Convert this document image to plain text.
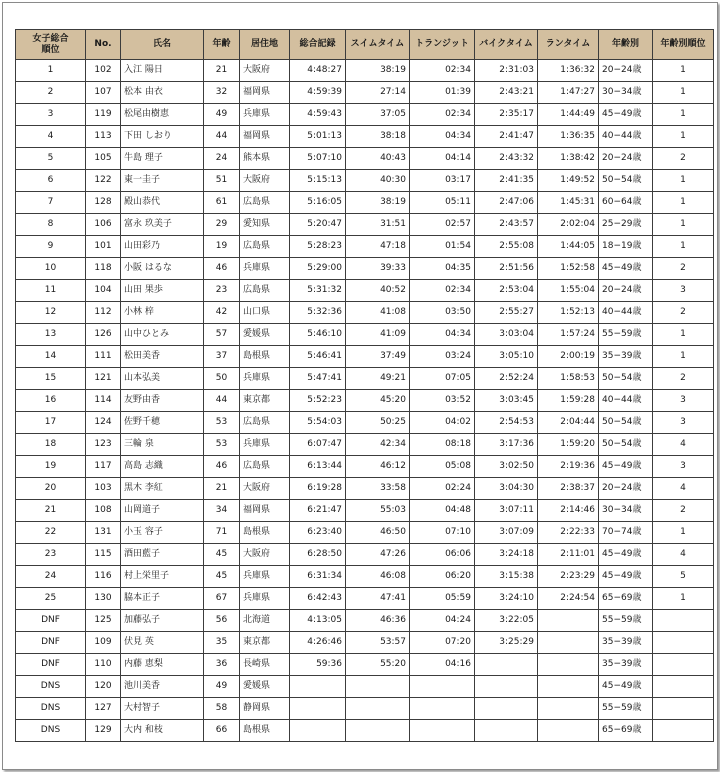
女子総合
順位	No.	氏名	年齢	居住地	総合記録	スイムタイム	トランジット	バイクタイム	ランタイム	年齢別	年齢別順位
1	102	入江 陽日	21	大阪府	4:48:27	38:19	02:34	2:31:03	1:36:32	20−24歳	1
2	107	松本 由衣	32	福岡県	4:59:39	27:14	01:39	2:43:21	1:47:27	30−34歳	1
3	119	松尾由樹恵	49	兵庫県	4:59:43	37:05	02:34	2:35:17	1:44:49	45−49歳	1
4	113	下田 しおり	44	福岡県	5:01:13	38:18	04:34	2:41:47	1:36:35	40−44歳	1
5	105	牛島 理子	24	熊本県	5:07:10	40:43	04:14	2:43:32	1:38:42	20−24歳	2
6	122	東一圭子	51	大阪府	5:15:13	40:30	03:17	2:41:35	1:49:52	50−54歳	1
7	128	殿山恭代	61	広島県	5:16:05	38:19	05:11	2:47:06	1:45:31	60−64歳	1
8	106	富永 玖美子	29	愛知県	5:20:47	31:51	02:57	2:43:57	2:02:04	25−29歳	1
9	101	山田彩乃	19	広島県	5:28:23	47:18	01:54	2:55:08	1:44:05	18−19歳	1
10	118	小阪 はるな	46	兵庫県	5:29:00	39:33	04:35	2:51:56	1:52:58	45−49歳	2
11	104	山田 果歩	23	広島県	5:31:32	40:52	02:34	2:53:04	1:55:04	20−24歳	3
12	112	小林 梓	42	山口県	5:32:36	41:08	03:50	2:55:27	1:52:13	40−44歳	2
13	126	山中ひとみ	57	愛媛県	5:46:10	41:09	04:34	3:03:04	1:57:24	55−59歳	1
14	111	松田美香	37	島根県	5:46:41	37:49	03:24	3:05:10	2:00:19	35−39歳	1
15	121	山本弘美	50	兵庫県	5:47:41	49:21	07:05	2:52:24	1:58:53	50−54歳	2
16	114	友野由香	44	東京都	5:52:23	45:20	03:52	3:03:45	1:59:28	40−44歳	3
17	124	佐野千穂	53	広島県	5:54:03	50:25	04:02	2:54:53	2:04:44	50−54歳	3
18	123	三輪 泉	53	兵庫県	6:07:47	42:34	08:18	3:17:36	1:59:20	50−54歳	4
19	117	高島 志織	46	広島県	6:13:44	46:12	05:08	3:02:50	2:19:36	45−49歳	3
20	103	黒木 李紅	21	大阪府	6:19:28	33:58	02:24	3:04:30	2:38:37	20−24歳	4
21	108	山岡道子	34	福岡県	6:21:47	55:03	04:48	3:07:11	2:14:46	30−34歳	2
22	131	小玉 容子	71	島根県	6:23:40	46:50	07:10	3:07:09	2:22:33	70−74歳	1
23	115	酒田藍子	45	大阪府	6:28:50	47:26	06:06	3:24:18	2:11:01	45−49歳	4
24	116	村上栄里子	45	兵庫県	6:31:34	46:08	06:20	3:15:38	2:23:29	45−49歳	5
25	130	脇本正子	67	兵庫県	6:42:43	47:41	05:59	3:24:10	2:24:54	65−69歳	1
DNF	125	加藤弘子	56	北海道	4:13:05	46:36	04:24	3:22:05		55−59歳	
DNF	109	伏見 英	35	東京都	4:26:46	53:57	07:20	3:25:29		35−39歳	
DNF	110	内藤 恵梨	36	長崎県	59:36	55:20	04:16			35−39歳	
DNS	120	池川美香	49	愛媛県						45−49歳	
DNS	127	大村智子	58	静岡県						55−59歳	
DNS	129	大内 和枝	66	島根県						65−69歳	
